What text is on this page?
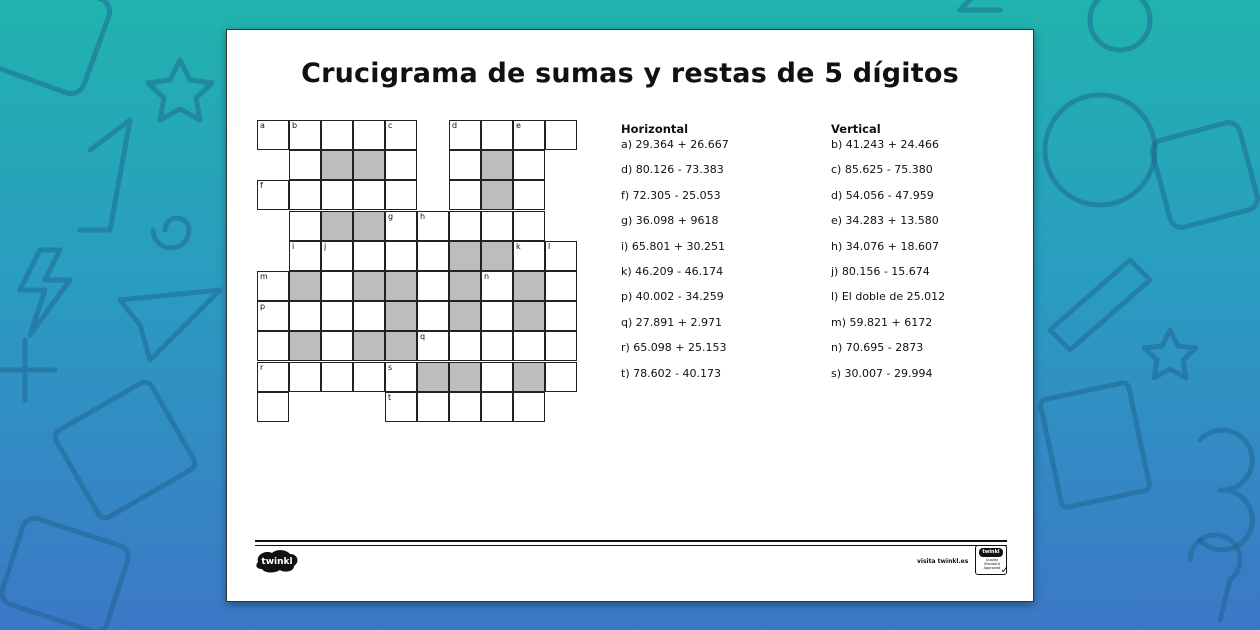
Crucigrama de sumas y restas de 5 dígitos
a	b	c	d	e
f
g	h
i	j	k	l
m	n
p
q
r	s
t
Horizontal
a) 29.364 + 26.667
d) 80.126 - 73.383
f) 72.305 - 25.053
g) 36.098 + 9618
i) 65.801 + 30.251
k) 46.209 - 46.174
p) 40.002 - 34.259
q) 27.891 + 2.971
r) 65.098 + 25.153
t) 78.602 - 40.173
Vertical
b) 41.243 + 24.466
c) 85.625 - 75.380
d) 54.056 - 47.959
e) 34.283 + 13.580
h) 34.076 + 18.607
j) 80.156 - 15.674
l) El doble de 25.012
m) 59.821 + 6172
n) 70.695 - 2873
s) 30.007 - 29.994
twinkl	visita twinkl.es
twinkl
Quality Standard Approved ✓
